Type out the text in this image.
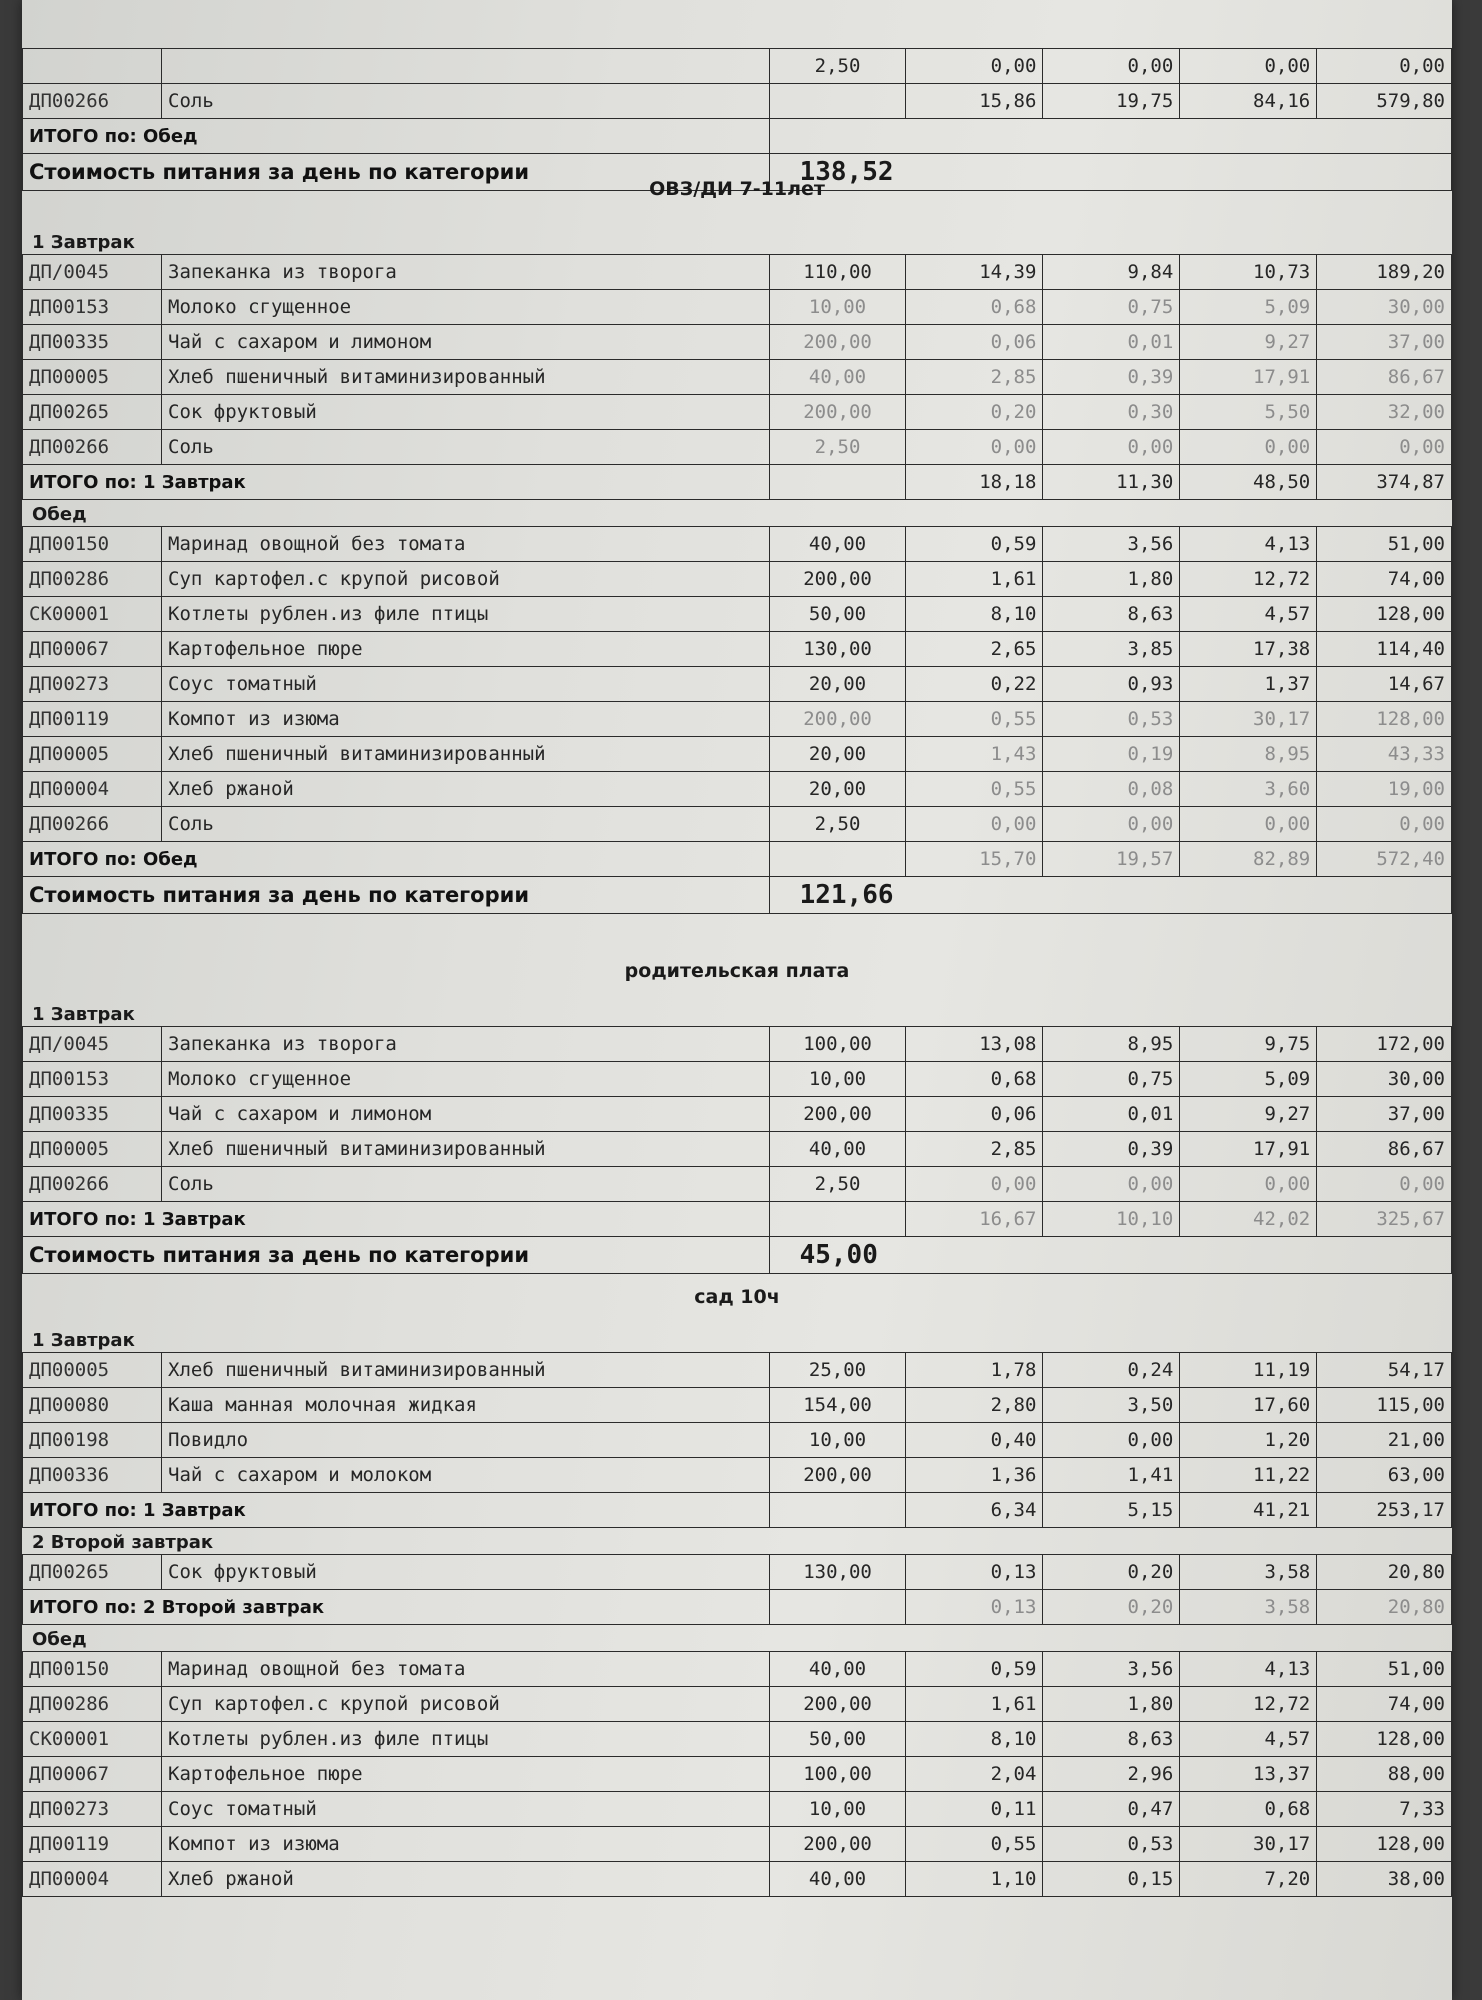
		2,50	0,00	0,00	0,00	0,00
ДП00266	Соль		15,86	19,75	84,16	579,80
ИТОГО по: Обед						
Стоимость питания за день по категории		138,52				

ОВЗ/ДИ 7-11лет

1 Завтрак
ДП/0045	Запеканка из творога	110,00	14,39	9,84	10,73	189,20
ДП00153	Молоко сгущенное	10,00	0,68	0,75	5,09	30,00
ДП00335	Чай с сахаром и лимоном	200,00	0,06	0,01	9,27	37,00
ДП00005	Хлеб пшеничный витаминизированный	40,00	2,85	0,39	17,91	86,67
ДП00265	Сок фруктовый	200,00	0,20	0,30	5,50	32,00
ДП00266	Соль	2,50	0,00	0,00	0,00	0,00
ИТОГО по: 1 Завтрак			18,18	11,30	48,50	374,87
Обед
ДП00150	Маринад овощной без томата	40,00	0,59	3,56	4,13	51,00
ДП00286	Суп картофел.с крупой рисовой	200,00	1,61	1,80	12,72	74,00
СК00001	Котлеты рублен.из филе птицы	50,00	8,10	8,63	4,57	128,00
ДП00067	Картофельное пюре	130,00	2,65	3,85	17,38	114,40
ДП00273	Соус томатный	20,00	0,22	0,93	1,37	14,67
ДП00119	Компот из изюма	200,00	0,55	0,53	30,17	128,00
ДП00005	Хлеб пшеничный витаминизированный	20,00	1,43	0,19	8,95	43,33
ДП00004	Хлеб ржаной	20,00	0,55	0,08	3,60	19,00
ДП00266	Соль	2,50	0,00	0,00	0,00	0,00
ИТОГО по: Обед			15,70	19,57	82,89	572,40
Стоимость питания за день по категории		121,66				

родительская плата

1 Завтрак
ДП/0045	Запеканка из творога	100,00	13,08	8,95	9,75	172,00
ДП00153	Молоко сгущенное	10,00	0,68	0,75	5,09	30,00
ДП00335	Чай с сахаром и лимоном	200,00	0,06	0,01	9,27	37,00
ДП00005	Хлеб пшеничный витаминизированный	40,00	2,85	0,39	17,91	86,67
ДП00266	Соль	2,50	0,00	0,00	0,00	0,00
ИТОГО по: 1 Завтрак			16,67	10,10	42,02	325,67
Стоимость питания за день по категории		45,00				

сад 10ч

1 Завтрак
ДП00005	Хлеб пшеничный витаминизированный	25,00	1,78	0,24	11,19	54,17
ДП00080	Каша манная молочная жидкая	154,00	2,80	3,50	17,60	115,00
ДП00198	Повидло	10,00	0,40	0,00	1,20	21,00
ДП00336	Чай с сахаром и молоком	200,00	1,36	1,41	11,22	63,00
ИТОГО по: 1 Завтрак			6,34	5,15	41,21	253,17
2 Второй завтрак
ДП00265	Сок фруктовый	130,00	0,13	0,20	3,58	20,80
ИТОГО по: 2 Второй завтрак			0,13	0,20	3,58	20,80
Обед
ДП00150	Маринад овощной без томата	40,00	0,59	3,56	4,13	51,00
ДП00286	Суп картофел.с крупой рисовой	200,00	1,61	1,80	12,72	74,00
СК00001	Котлеты рублен.из филе птицы	50,00	8,10	8,63	4,57	128,00
ДП00067	Картофельное пюре	100,00	2,04	2,96	13,37	88,00
ДП00273	Соус томатный	10,00	0,11	0,47	0,68	7,33
ДП00119	Компот из изюма	200,00	0,55	0,53	30,17	128,00
ДП00004	Хлеб ржаной	40,00	1,10	0,15	7,20	38,00
